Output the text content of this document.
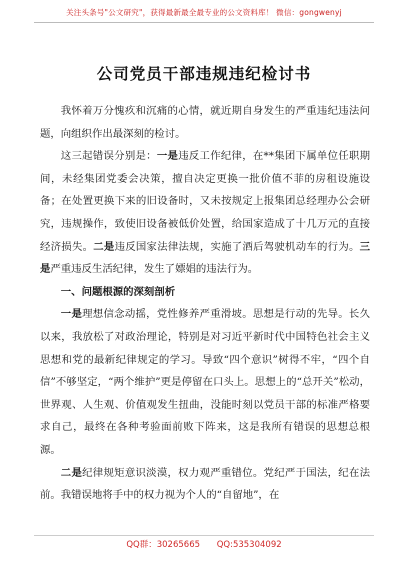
关注头条号"公文研究"，获得最新最全最专业的公文资料库！ 微信：gongwenyj
公司党员干部违规违纪检讨书

我怀着万分愧疚和沉痛的心情，就近期自身发生的严重违纪违法问题，向组织作出最深刻的检讨。

这三起错误分别是：一是违反工作纪律，在**集团下属单位任职期间，未经集团党委会决策，擅自决定更换一批价值不菲的房租设施设备；在处置更换下来的旧设备时，又未按规定上报集团总经理办公会研究，违规操作，致使旧设备被低价处置，给国家造成了十几万元的直接经济损失。二是违反国家法律法规，实施了酒后驾驶机动车的行为。三是严重违反生活纪律，发生了嫖娼的违法行为。

一、问题根源的深刻剖析

一是理想信念动摇，党性修养严重滑坡。思想是行动的先导。长久以来，我放松了对政治理论，特别是对习近平新时代中国特色社会主义思想和党的最新纪律规定的学习。导致“四个意识”树得不牢，“四个自信”不够坚定，“两个维护”更是停留在口头上。思想上的“总开关”松动，世界观、人生观、价值观发生扭曲，没能时刻以党员干部的标准严格要求自己，最终在各种考验面前败下阵来，这是我所有错误的思想总根源。

二是纪律规矩意识淡漠，权力观严重错位。党纪严于国法，纪在法前。我错误地将手中的权力视为个人的“自留地”，在

QQ群：30265665 QQ:535304092
